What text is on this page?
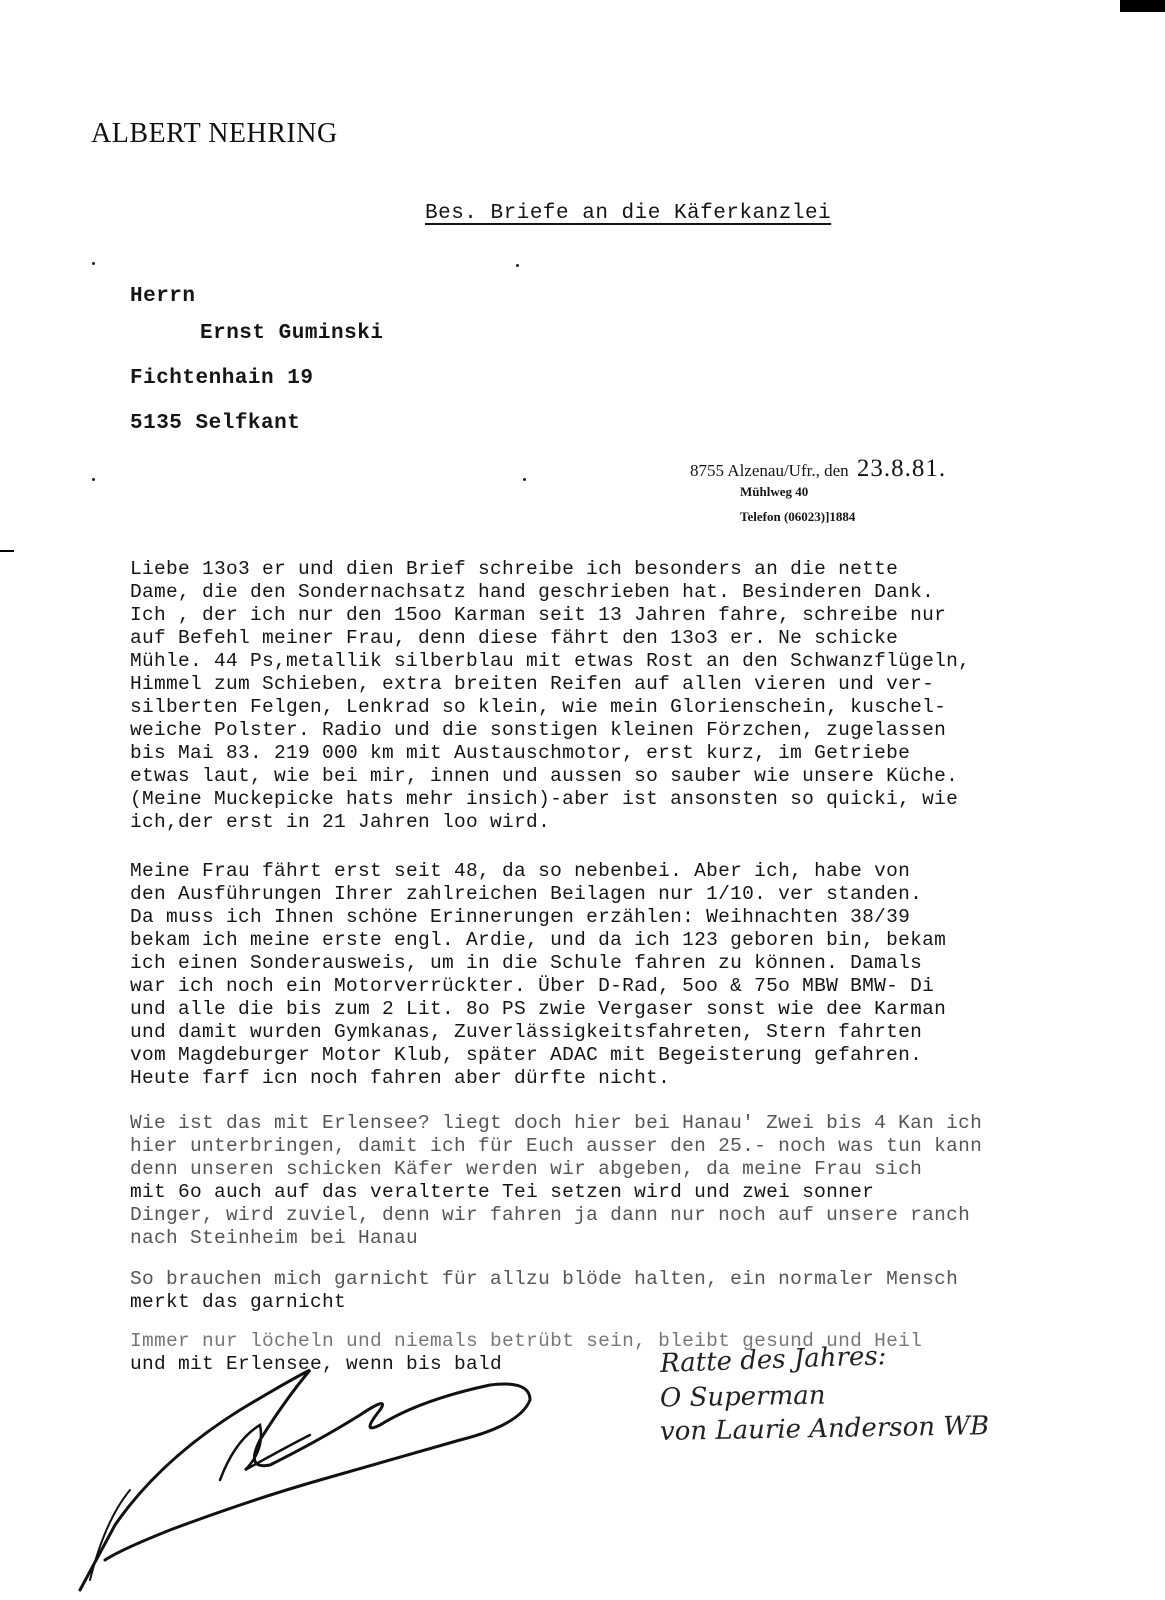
ALBERT NEHRING
Bes. Briefe an die Käferkanzlei
Herrn
Ernst Guminski
Fichtenhain 19
5135 Selfkant
8755 Alzenau/Ufr., den 23.8.81.
Mühlweg 40
Telefon (06023)]1884
Liebe 13o3 er und dien Brief schreibe ich besonders an die nette
Dame, die den Sondernachsatz hand geschrieben hat. Besinderen Dank.
Ich , der ich nur den 15oo Karman seit 13 Jahren fahre, schreibe nur
auf Befehl meiner Frau, denn diese fährt den 13o3 er. Ne schicke
Mühle. 44 Ps,metallik silberblau mit etwas Rost an den Schwanzflügeln,
Himmel zum Schieben, extra breiten Reifen auf allen vieren und ver-
silberten Felgen, Lenkrad so klein, wie mein Glorienschein, kuschel-
weiche Polster. Radio und die sonstigen kleinen Förzchen, zugelassen
bis Mai 83. 219 000 km mit Austauschmotor, erst kurz, im Getriebe
etwas laut, wie bei mir, innen und aussen so sauber wie unsere Küche.
(Meine Muckepicke hats mehr insich)-aber ist ansonsten so quicki, wie
ich,der erst in 21 Jahren loo wird.
Meine Frau fährt erst seit 48, da so nebenbei. Aber ich, habe von
den Ausführungen Ihrer zahlreichen Beilagen nur 1/10. ver standen.
Da muss ich Ihnen schöne Erinnerungen erzählen: Weihnachten 38/39
bekam ich meine erste engl. Ardie, und da ich 123 geboren bin, bekam
ich einen Sonderausweis, um in die Schule fahren zu können. Damals
war ich noch ein Motorverrückter. Über D-Rad, 5oo & 75o MBW BMW- Di
und alle die bis zum 2 Lit. 8o PS zwie Vergaser sonst wie dee Karman
und damit wurden Gymkanas, Zuverlässigkeitsfahreten, Stern fahrten
vom Magdeburger Motor Klub, später ADAC mit Begeisterung gefahren.
Heute farf icn noch fahren aber dürfte nicht.
Wie ist das mit Erlensee? liegt doch hier bei Hanau' Zwei bis 4 Kan ich
hier unterbringen, damit ich für Euch ausser den 25.- noch was tun kann
denn unseren schicken Käfer werden wir abgeben, da meine Frau sich
mit 6o auch auf das veralterte Tei setzen wird und zwei sonner
Dinger, wird zuviel, denn wir fahren ja dann nur noch auf unsere ranch
nach Steinheim bei Hanau
So brauchen mich garnicht für allzu blöde halten, ein normaler Mensch
merkt das garnicht
Immer nur löcheln und niemals betrübt sein, bleibt gesund und Heil
und mit Erlensee, wenn bis bald	Ratte des Jahres:
O Superman
von Laurie Anderson WB
